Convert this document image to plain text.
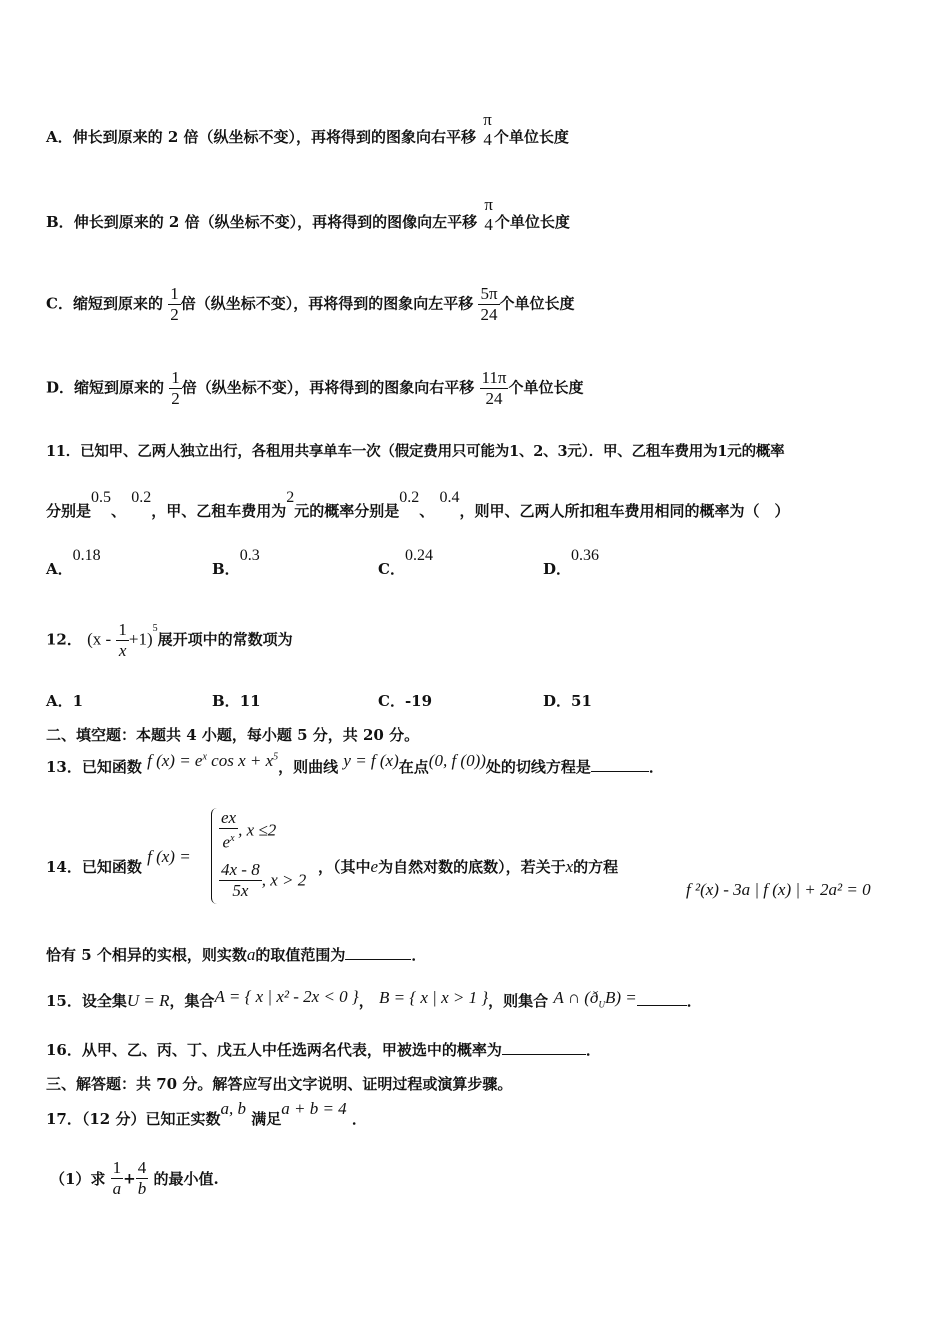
A．伸长到原来的 2 倍（纵坐标不变），再将得到的图象向右平移
π
4 个单位长度
B．伸长到原来的 2 倍（纵坐标不变），再将得到的图像向左平移
π
4 个单位长度
C．缩短到原来的 $\frac{1}{2}$ 倍（纵坐标不变），再将得到的图象向左平移 $\frac{5\pi}{24}$ 个单位长度
D．缩短到原来的 $\frac{1}{2}$ 倍（纵坐标不变），再将得到的图象向右平移 $\frac{11\pi}{24}$ 个单位长度
11．已知甲、乙两人独立出行，各租用共享单车一次（假定费用只可能为1、2、3元）．甲、乙租车费用为1元的概率
分别是0.5、 0.2，甲、乙租车费用为2元的概率分别是0.2、 0.4，则甲、乙两人所扣租车费用相同的概率为（　）
A．0.18
B．0.3
C．0.24
D．0.36
12． $(x - \frac{1}{x} +1)^5$展开项中的常数项为
A．1	B．11	C．-19	D．51
二、填空题：本题共 4 小题，每小题 5 分，共 20 分。
13．已知函数 f $(x) = e^x$ $\cos x + x^5$，则曲线 y = f (x)在点(0, f (0))处的切线方程是	．
14．已知函数 f (x) =
$\frac{ex}{e^x}$ , x ≤2
$\frac{4x - 8}{5x}$ , x > 2
，（其中e为自然对数的底数），若关于x的方程
f ²(x) - 3a | f (x) | + 2a² = 0
恰有 5 个相异的实根，则实数a的取值范围为	．
15．设全集U = R，集合A = { x | x² - 2x < 0 }， B = { x | x > 1 }，则集合 A ∩ $(ð_UB)$ =	．
16．从甲、乙、丙、丁、戊五人中任选两名代表，甲被选中的概率为	．
三、解答题：共 70 分。解答应写出文字说明、证明过程或演算步骤。
17．（12 分）已知正实数a, b 满足a + b = 4 ．
（1）求 $\frac{1}{a} + \frac{4}{b}$ 的最小值.
